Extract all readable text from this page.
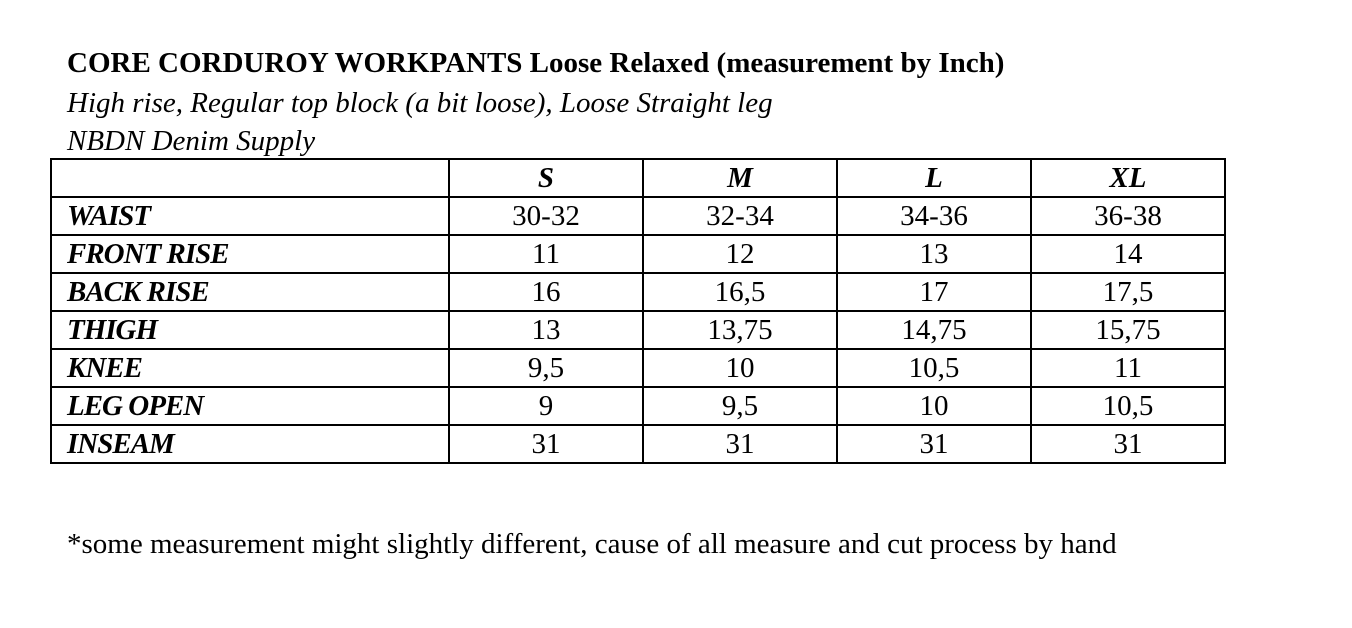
CORE CORDUROY WORKPANTS Loose Relaxed (measurement by Inch)
High rise, Regular top block (a bit loose), Loose Straight leg
NBDN Denim Supply
	S	M	L	XL
WAIST	30-32	32-34	34-36	36-38
FRONT RISE	11	12	13	14
BACK RISE	16	16,5	17	17,5
THIGH	13	13,75	14,75	15,75
KNEE	9,5	10	10,5	11
LEG OPEN	9	9,5	10	10,5
INSEAM	31	31	31	31
*some measurement might slightly different, cause of all measure and cut process by hand
